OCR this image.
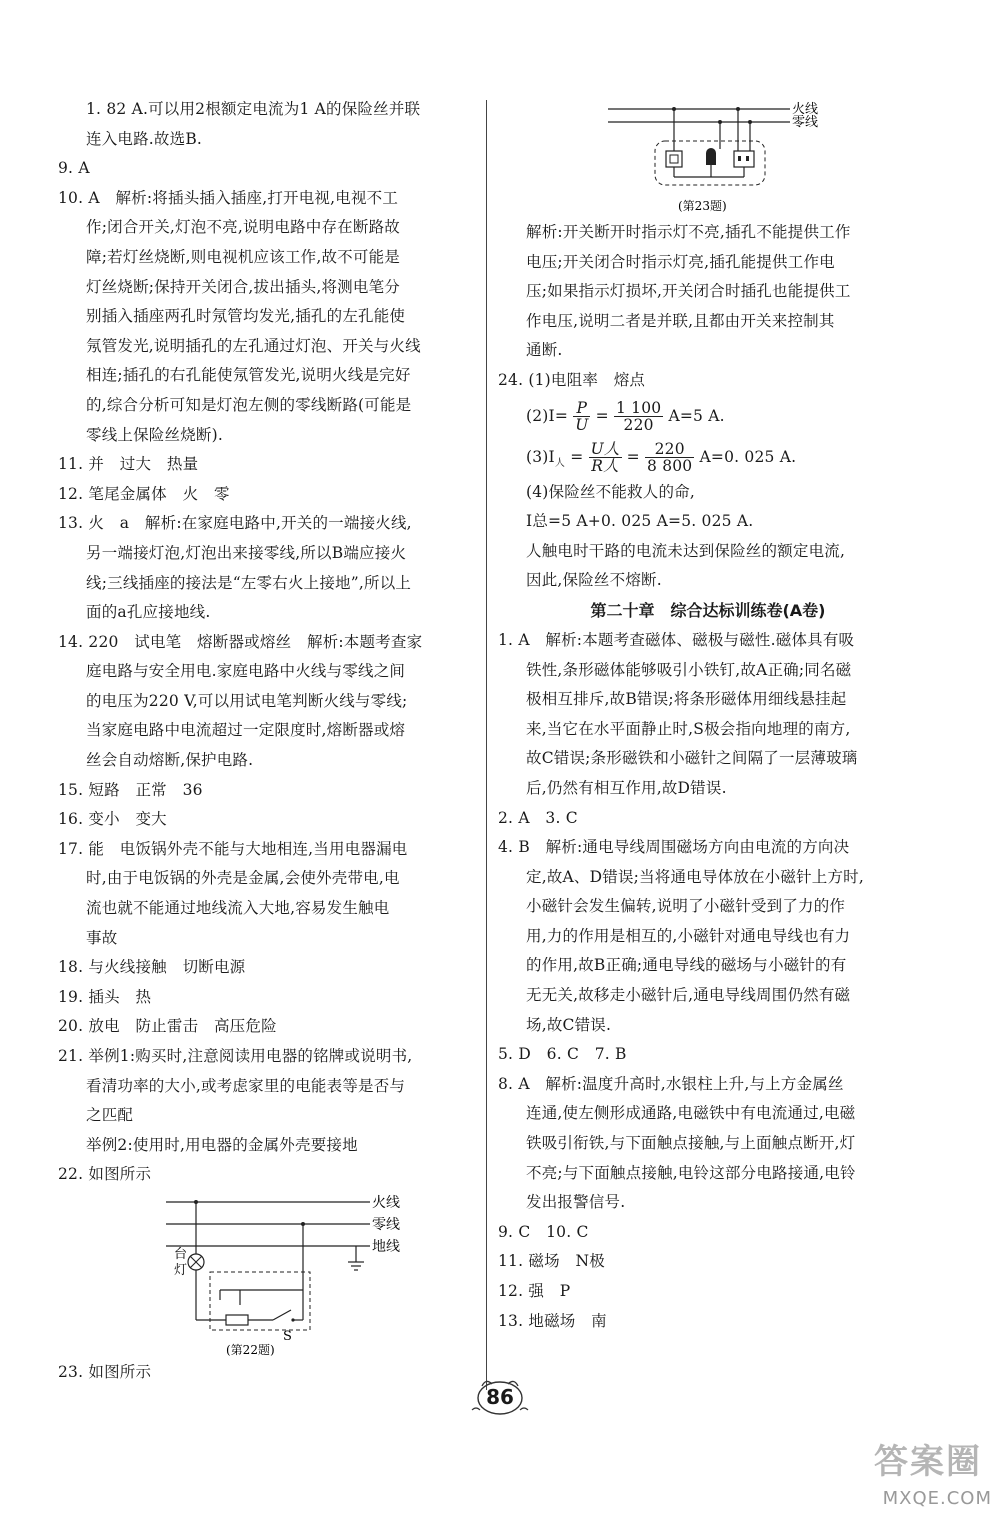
1. 82 A.可以用2根额定电流为1 A的保险丝并联
连入电路.故选B.
9. A
10. A　解析:将插头插入插座,打开电视,电视不工
作;闭合开关,灯泡不亮,说明电路中存在断路故
障;若灯丝烧断,则电视机应该工作,故不可能是
灯丝烧断;保持开关闭合,拔出插头,将测电笔分
别插入插座两孔时氖管均发光,插孔的左孔能使
氖管发光,说明插孔的左孔通过灯泡、开关与火线
相连;插孔的右孔能使氖管发光,说明火线是完好
的,综合分析可知是灯泡左侧的零线断路(可能是
零线上保险丝烧断).
11. 并　过大　热量
12. 笔尾金属体　火　零
13. 火　a　解析:在家庭电路中,开关的一端接火线,
另一端接灯泡,灯泡出来接零线,所以B端应接火
线;三线插座的接法是“左零右火上接地”,所以上
面的a孔应接地线.
14. 220　试电笔　熔断器或熔丝　解析:本题考查家
庭电路与安全用电.家庭电路中火线与零线之间
的电压为220 V,可以用试电笔判断火线与零线;
当家庭电路中电流超过一定限度时,熔断器或熔
丝会自动熔断,保护电路.
15. 短路　正常　36
16. 变小　变大
17. 能　电饭锅外壳不能与大地相连,当用电器漏电
时,由于电饭锅的外壳是金属,会使外壳带电,电
流也就不能通过地线流入大地,容易发生触电
事故
18. 与火线接触　切断电源
19. 插头　热
20. 放电　防止雷击　高压危险
21. 举例1:购买时,注意阅读用电器的铭牌或说明书,
看清功率的大小,或考虑家里的电能表等是否与
之匹配
举例2:使用时,用电器的金属外壳要接地
22. 如图所示
火线
零线
地线
台
灯
S
(第22题)
23. 如图所示
火线
零线
(第23题)
解析:开关断开时指示灯不亮,插孔不能提供工作
电压;开关闭合时指示灯亮,插孔能提供工作电
压;如果指示灯损坏,开关闭合时插孔也能提供工
作电压,说明二者是并联,且都由开关来控制其
通断.
24. (1)电阻率　熔点
$(2)I= \frac{P}{U} = \frac{1 100}{220} A=5$ A.
$(3)I_人 = U$人
R人
= $\frac{220}{8 800} A=0$. 025 A.
(4)保险丝不能救人的命,
I总=5 A+0. 025 A=5. 025 A.
人触电时干路的电流未达到保险丝的额定电流,
因此,保险丝不熔断.
第二十章　综合达标训练卷(A卷)
1. A　解析:本题考查磁体、磁极与磁性.磁体具有吸
铁性,条形磁体能够吸引小铁钉,故A正确;同名磁
极相互排斥,故B错误;将条形磁体用细线悬挂起
来,当它在水平面静止时,S极会指向地理的南方,
故C错误;条形磁铁和小磁针之间隔了一层薄玻璃
后,仍然有相互作用,故D错误.
2. A　3. C
4. B　解析:通电导线周围磁场方向由电流的方向决
定,故A、D错误;当将通电导体放在小磁针上方时,
小磁针会发生偏转,说明了小磁针受到了力的作
用,力的作用是相互的,小磁针对通电导线也有力
的作用,故B正确;通电导线的磁场与小磁针的有
无无关,故移走小磁针后,通电导线周围仍然有磁
场,故C错误.
5. D　6. C　7. B
8. A　解析:温度升高时,水银柱上升,与上方金属丝
连通,使左侧形成通路,电磁铁中有电流通过,电磁
铁吸引衔铁,与下面触点接触,与上面触点断开,灯
不亮;与下面触点接触,电铃这部分电路接通,电铃
发出报警信号.
9. C　10. C
11. 磁场　N极
12. 强　P
13. 地磁场　南
86
答案圈
MXQE.COM
